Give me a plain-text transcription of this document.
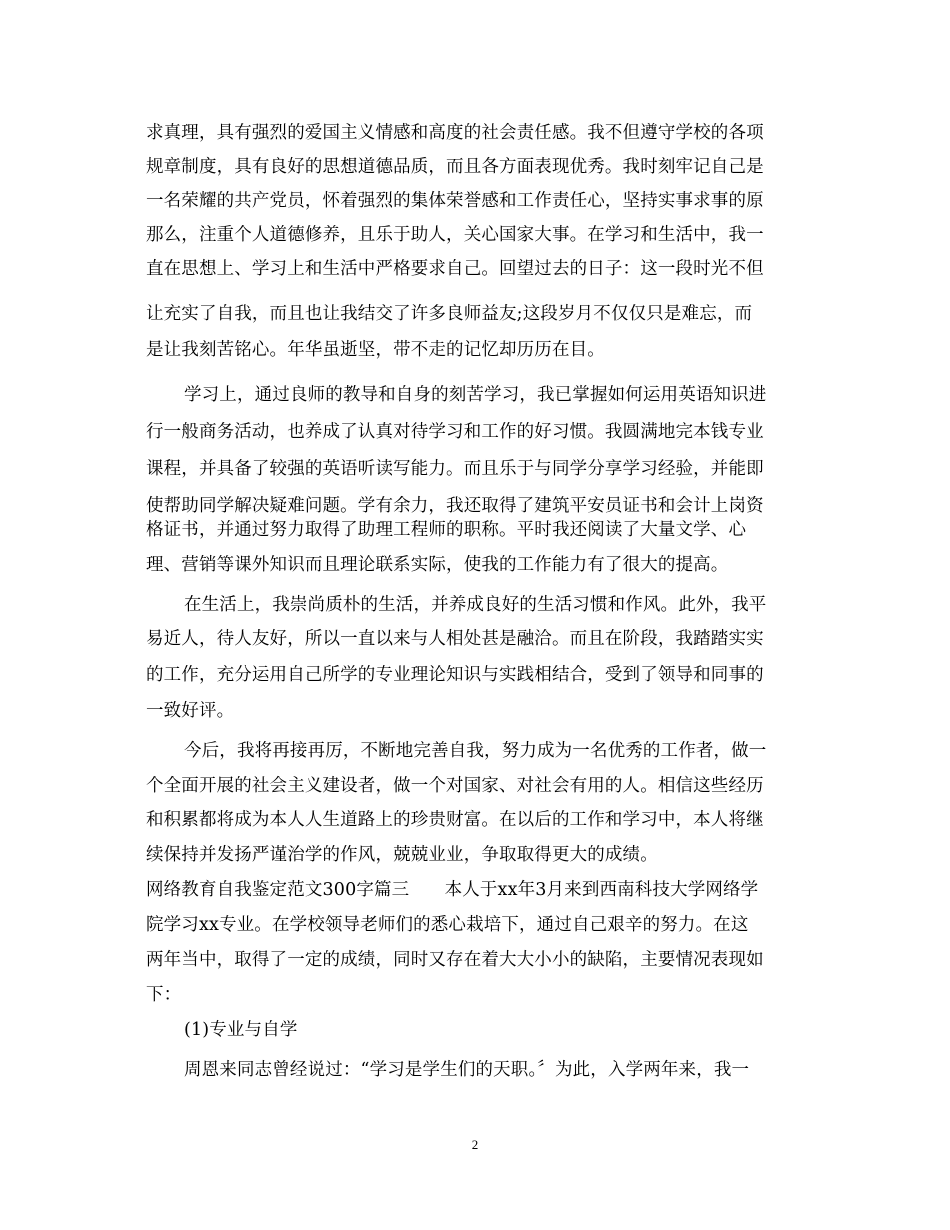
求真理，具有强烈的爱国主义情感和高度的社会责任感。我不但遵守学校的各项
规章制度，具有良好的思想道德品质，而且各方面表现优秀。我时刻牢记自己是
一名荣耀的共产党员，怀着强烈的集体荣誉感和工作责任心，坚持实事求事的原
那么，注重个人道德修养，且乐于助人，关心国家大事。在学习和生活中，我一
直在思想上、学习上和生活中严格要求自己。回望过去的日子：这一段时光不但
让充实了自我，而且也让我结交了许多良师益友;这段岁月不仅仅只是难忘，而
是让我刻苦铭心。年华虽逝坚，带不走的记忆却历历在目。
学习上，通过良师的教导和自身的刻苦学习，我已掌握如何运用英语知识进
行一般商务活动，也养成了认真对待学习和工作的好习惯。我圆满地完本钱专业
课程，并具备了较强的英语听读写能力。而且乐于与同学分享学习经验，并能即
使帮助同学解决疑难问题。学有余力，我还取得了建筑平安员证书和会计上岗资
格证书，并通过努力取得了助理工程师的职称。平时我还阅读了大量文学、心
理、营销等课外知识而且理论联系实际，使我的工作能力有了很大的提高。
在生活上，我崇尚质朴的生活，并养成良好的生活习惯和作风。此外，我平
易近人，待人友好，所以一直以来与人相处甚是融洽。而且在阶段，我踏踏实实
的工作，充分运用自己所学的专业理论知识与实践相结合，受到了领导和同事的
一致好评。
今后，我将再接再厉，不断地完善自我，努力成为一名优秀的工作者，做一
个全面开展的社会主义建设者，做一个对国家、对社会有用的人。相信这些经历
和积累都将成为本人人生道路上的珍贵财富。在以后的工作和学习中，本人将继
续保持并发扬严谨治学的作风，兢兢业业，争取取得更大的成绩。
网络教育自我鉴定范文300字篇三　　本人于xx年3月来到西南科技大学网络学
院学习xx专业。在学校领导老师们的悉心栽培下，通过自己艰辛的努力。在这
两年当中，取得了一定的成绩，同时又存在着大大小小的缺陷，主要情况表现如
下：
(1)专业与自学
周恩来同志曾经说过：“学习是学生们的天职。〞为此，入学两年来，我一
2
